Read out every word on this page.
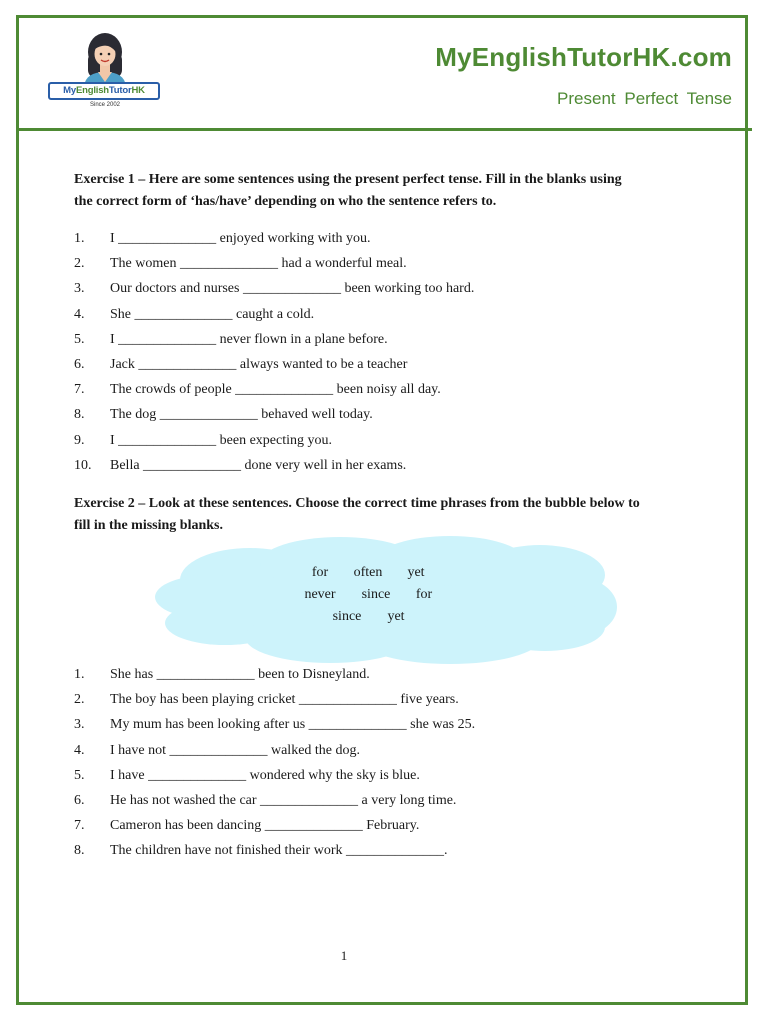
MyEnglishTutorHK
Since 2002
MyEnglishTutorHK.com
Present Perfect Tense
Exercise 1 – Here are some sentences using the present perfect tense. Fill in the blanks using
the correct form of ‘has/have’ depending on who the sentence refers to.
1. I ______________ enjoyed working with you.
2. The women ______________ had a wonderful meal.
3. Our doctors and nurses ______________ been working too hard.
4. She ______________ caught a cold.
5. I ______________ never flown in a plane before.
6. Jack ______________ always wanted to be a teacher
7. The crowds of people ______________ been noisy all day.
8. The dog ______________ behaved well today.
9. I ______________ been expecting you.
10. Bella ______________ done very well in her exams.
Exercise 2 – Look at these sentences. Choose the correct time phrases from the bubble below to
fill in the missing blanks.
for	often	yet
never	since	for
since	yet
1. She has ______________ been to Disneyland.
2. The boy has been playing cricket ______________ five years.
3. My mum has been looking after us ______________ she was 25.
4. I have not ______________ walked the dog.
5. I have ______________ wondered why the sky is blue.
6. He has not washed the car ______________ a very long time.
7. Cameron has been dancing ______________ February.
8. The children have not finished their work ______________.
1
